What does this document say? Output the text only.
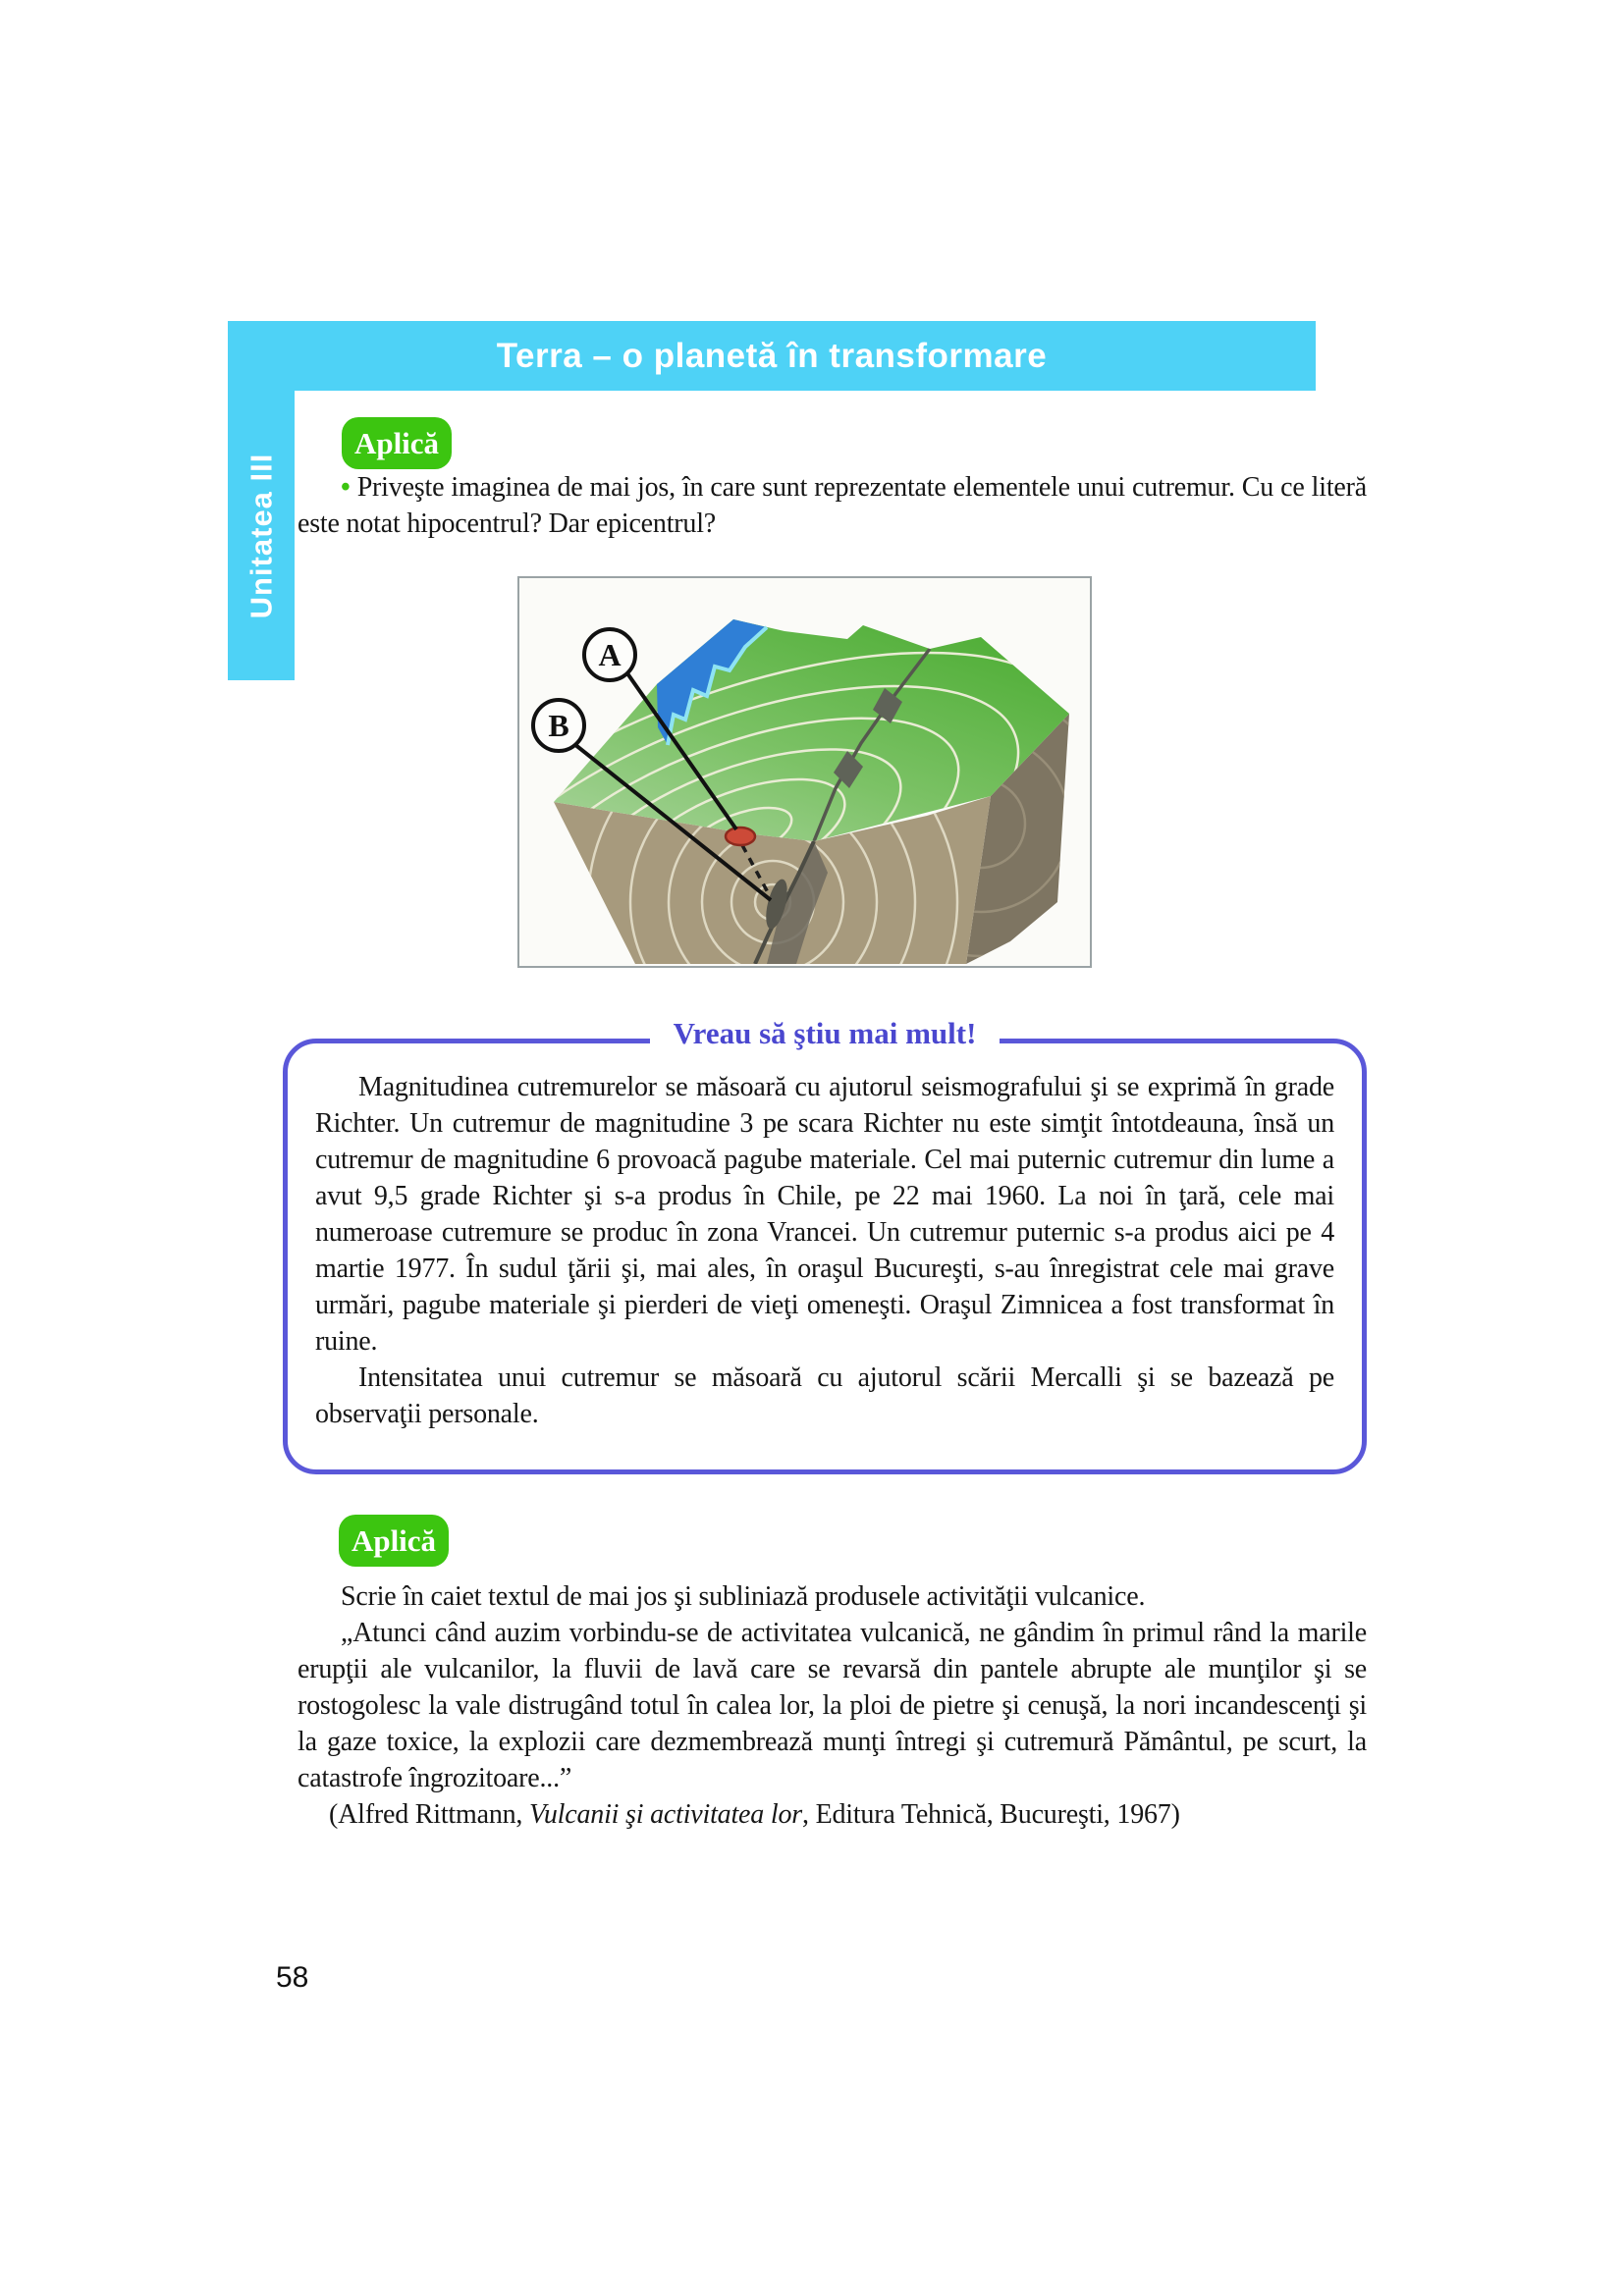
Terra – o planetă în transformare
Unitatea III
Aplică

• Priveşte imaginea de mai jos, în care sunt reprezentate elementele unui cutremur. Cu ce literă este notat hipocentrul? Dar epicentrul?

A
B

Magnitudinea cutremurelor se măsoară cu ajutorul seismografului şi se exprimă în grade Richter. Un cutremur de magnitudine 3 pe scara Richter nu este simţit întotdeauna, însă un cutremur de magnitudine 6 provoacă pagube materiale. Cel mai puternic cutremur din lume a avut 9,5 grade Richter şi s-a produs în Chile, pe 22 mai 1960. La noi în ţară, cele mai numeroase cutremure se produc în zona Vrancei. Un cutremur puternic s-a produs aici pe 4 martie 1977. În sudul ţării şi, mai ales, în oraşul Bucureşti, s-au înregistrat cele mai grave urmări, pagube materiale şi pierderi de vieţi omeneşti. Oraşul Zimnicea a fost transformat în ruine.

Intensitatea unui cutremur se măsoară cu ajutorul scării Mercalli şi se bazează pe observaţii personale.

Vreau să ştiu mai mult!
Aplică

Scrie în caiet textul de mai jos şi subliniază produsele activităţii vulcanice.

„Atunci când auzim vorbindu-se de activitatea vulcanică, ne gândim în primul rând la marile erupţii ale vulcanilor, la fluvii de lavă care se revarsă din pantele abrupte ale munţilor şi se rostogolesc la vale distrugând totul în calea lor, la ploi de pietre şi cenuşă, la nori incandescenţi şi la gaze toxice, la explozii care dezmembrează munţi întregi şi cutremură Pământul, pe scurt, la catastrofe îngrozitoare...”

(Alfred Rittmann, Vulcanii şi activitatea lor, Editura Tehnică, Bucureşti, 1967)

58
